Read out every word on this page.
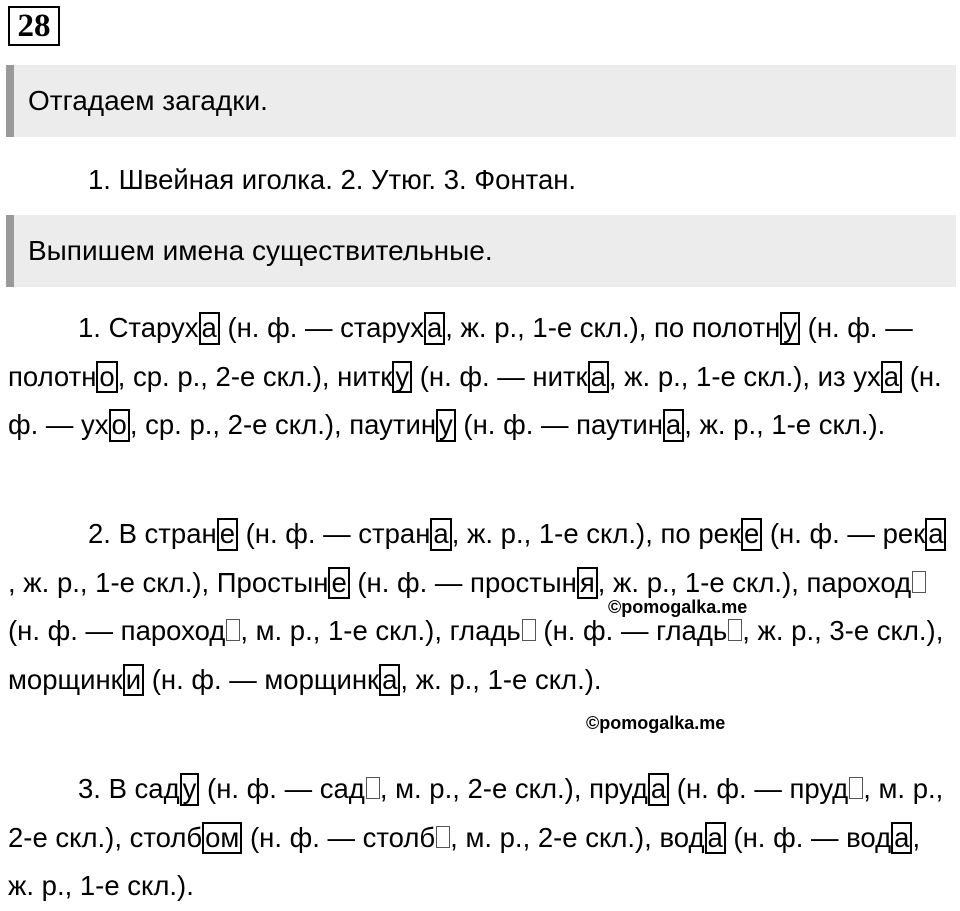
28
Отгадаем загадки.

1. Швейная иголка. 2. Утюг. 3. Фонтан.

Выпишем имена существительные.

1. Старух а (н. ф. — старух а , ж. р., 1-е скл.), по полотн у (н. ф. — полотн о , ср. р., 2-е скл.), нитк у (н. ф. — нитк а , ж. р., 1-е скл.), из ух а (н. ф. — ух о , ср. р., 2-е скл.), паутин у (н. ф. — паутин а , ж. р., 1-е скл.).

2. В стран е (н. ф. — стран а , ж. р., 1-е скл.), по рек е (н. ф. — рек а, ж. р., 1-е скл.), Простын е (н. ф. — простын я , ж. р., 1-е скл.), пароход (н. ф. — пароход , м. р., 1-е скл.), гладь (н. ф. — гладь , ж. р., 3-е скл.), морщинк и (н. ф. — морщинк а , ж. р., 1-е скл.).

3. В сад у (н. ф. — сад , м. р., 2-е скл.), пруд а (н. ф. — пруд , м. р., 2-е скл.), столб ом (н. ф. — столб , м. р., 2-е скл.), вод а (н. ф. — вод а , ж. р., 1-е скл.).

©pomogalka.me
©pomogalka.me
